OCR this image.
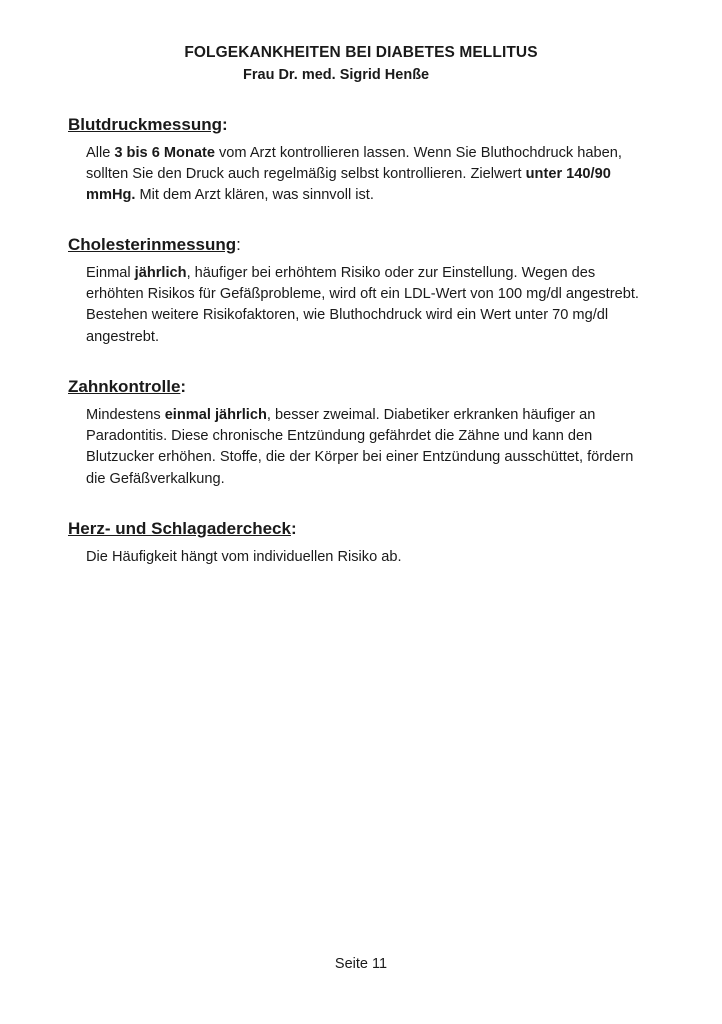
FOLGEKANKHEITEN BEI DIABETES MELLITUS
Frau Dr. med. Sigrid Henße
Blutdruckmessung:

Alle 3 bis 6 Monate vom Arzt kontrollieren lassen. Wenn Sie Bluthochdruck haben, sollten Sie den Druck auch regelmäßig selbst kontrollieren. Zielwert unter 140/90 mmHg. Mit dem Arzt klären, was sinnvoll ist.

Cholesterinmessung:

Einmal jährlich, häufiger bei erhöhtem Risiko oder zur Einstellung. Wegen des erhöhten Risikos für Gefäßprobleme, wird oft ein LDL-Wert von 100 mg/dl angestrebt. Bestehen weitere Risikofaktoren, wie Bluthochdruck wird ein Wert unter 70 mg/dl angestrebt.

Zahnkontrolle:

Mindestens einmal jährlich, besser zweimal. Diabetiker erkranken häufiger an Paradontitis. Diese chronische Entzündung gefährdet die Zähne und kann den Blutzucker erhöhen. Stoffe, die der Körper bei einer Entzündung ausschüttet, fördern die Gefäßverkalkung.

Herz- und Schlagadercheck:

Die Häufigkeit hängt vom individuellen Risiko ab.

Seite 11
